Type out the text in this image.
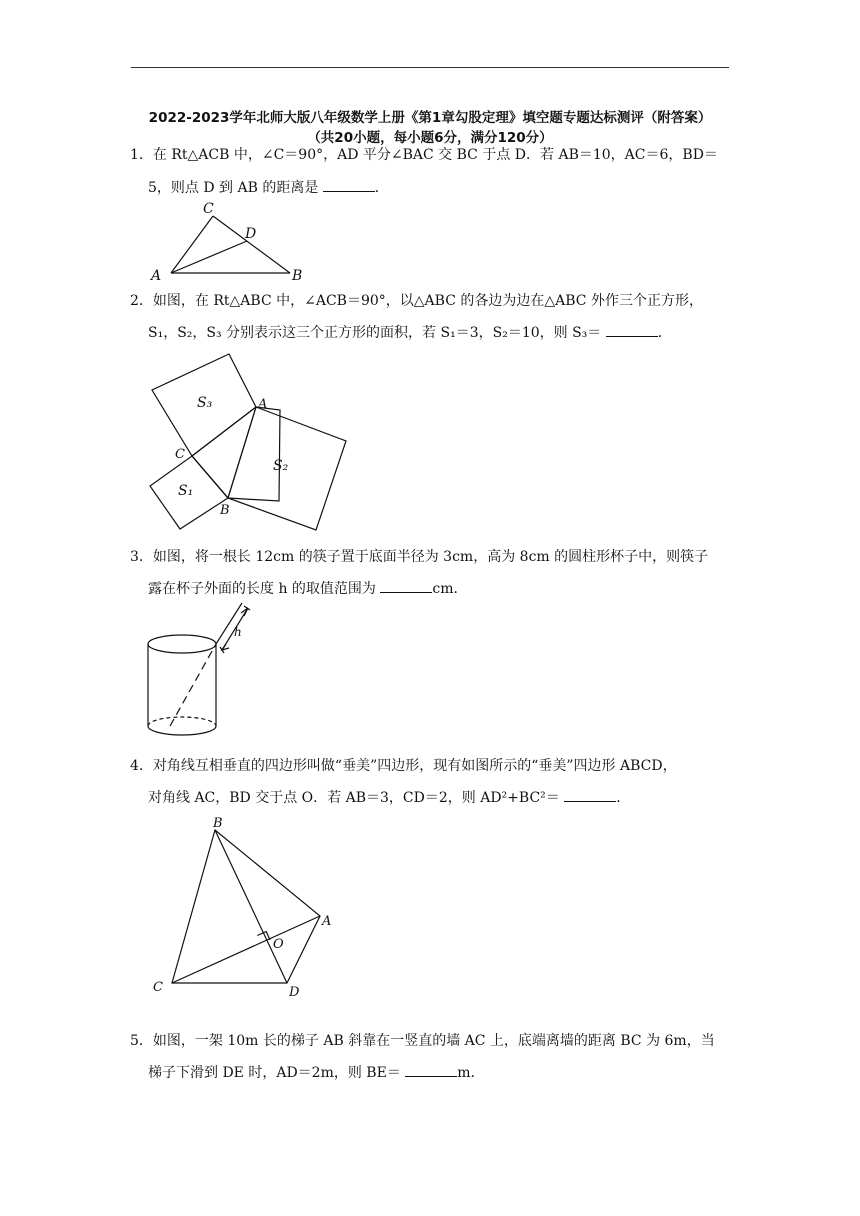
2022-2023学年北师大版八年级数学上册《第1章勾股定理》填空题专题达标测评（附答案）
（共20小题，每小题6分，满分120分）
1．在 Rt△ACB 中，∠C＝90°，AD 平分∠BAC 交 BC 于点 D．若 AB＝10，AC＝6，BD＝
5，则点 D 到 AB 的距离是	．
C
D
A	B
2．如图，在 Rt△ABC 中，∠ACB＝90°，以△ABC 的各边为边在△ABC 外作三个正方形，
S₁，S₂，S₃ 分别表示这三个正方形的面积，若 S₁＝3，S₂＝10，则 S₃＝	．
S₃	A
C
S₂
S₁
B
3．如图，将一根长 12cm 的筷子置于底面半径为 3cm，高为 8cm 的圆柱形杯子中，则筷子
露在杯子外面的长度 h 的取值范围为	cm．
h
4．对角线互相垂直的四边形叫做“垂美”四边形，现有如图所示的“垂美”四边形 ABCD，
对角线 AC，BD 交于点 O．若 AB＝3，CD＝2，则 AD²+BC²＝	．
B
A
O
C	D
5．如图，一架 10m 长的梯子 AB 斜靠在一竖直的墙 AC 上，底端离墙的距离 BC 为 6m，当
梯子下滑到 DE 时，AD＝2m，则 BE＝	m．
